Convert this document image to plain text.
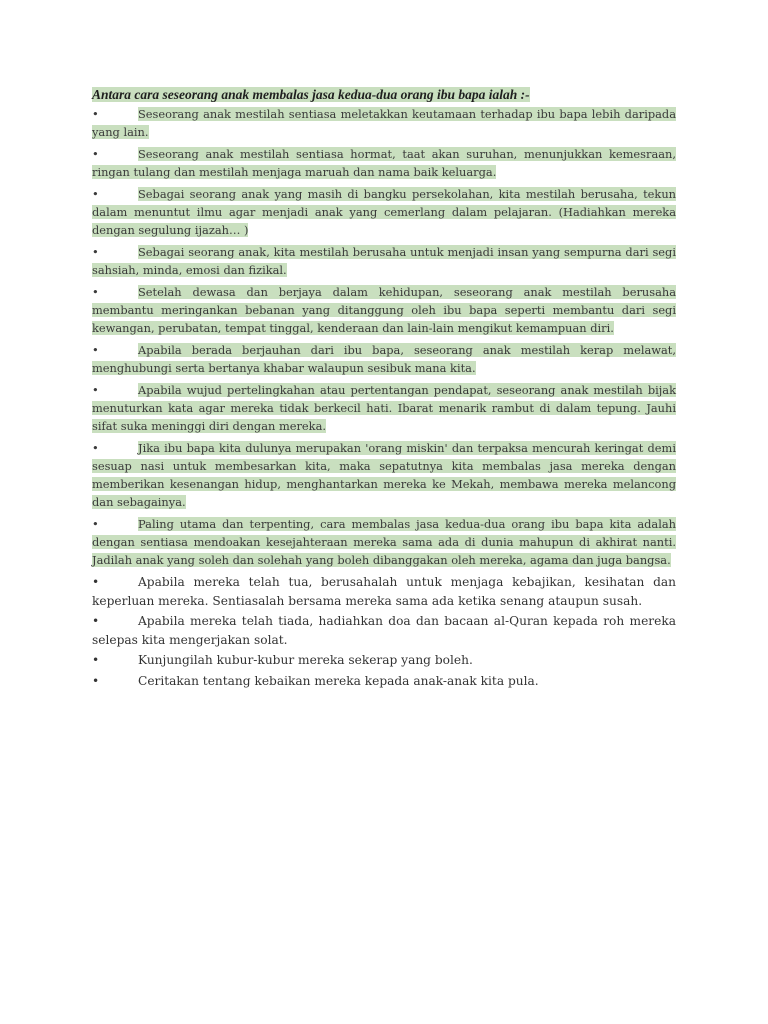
Antara cara seseorang anak membalas jasa kedua-dua orang ibu bapa ialah :-

•	Seseorang anak mestilah sentiasa meletakkan keutamaan terhadap ibu bapa lebih daripada yang lain.
•	Seseorang anak mestilah sentiasa hormat, taat akan suruhan, menunjukkan kemesraan, ringan tulang dan mestilah menjaga maruah dan nama baik keluarga.
•	Sebagai seorang anak yang masih di bangku persekolahan, kita mestilah berusaha, tekun dalam menuntut ilmu agar menjadi anak yang cemerlang dalam pelajaran. (Hadiahkan mereka dengan segulung ijazah… )
•	Sebagai seorang anak, kita mestilah berusaha untuk menjadi insan yang sempurna dari segi sahsiah, minda, emosi dan fizikal.
•	Setelah dewasa dan berjaya dalam kehidupan, seseorang anak mestilah berusaha membantu meringankan bebanan yang ditanggung oleh ibu bapa seperti membantu dari segi kewangan, perubatan, tempat tinggal, kenderaan dan lain-lain mengikut kemampuan diri.
•	Apabila berada berjauhan dari ibu bapa, seseorang anak mestilah kerap melawat, menghubungi serta bertanya khabar walaupun sesibuk mana kita.
•	Apabila wujud pertelingkahan atau pertentangan pendapat, seseorang anak mestilah bijak menuturkan kata agar mereka tidak berkecil hati. Ibarat menarik rambut di dalam tepung. Jauhi sifat suka meninggi diri dengan mereka.
•	Jika ibu bapa kita dulunya merupakan 'orang miskin' dan terpaksa mencurah keringat demi sesuap nasi untuk membesarkan kita, maka sepatutnya kita membalas jasa mereka dengan memberikan kesenangan hidup, menghantarkan mereka ke Mekah, membawa mereka melancong dan sebagainya.
•	Paling utama dan terpenting, cara membalas jasa kedua-dua orang ibu bapa kita adalah dengan sentiasa mendoakan kesejahteraan mereka sama ada di dunia mahupun di akhirat nanti. Jadilah anak yang soleh dan solehah yang boleh dibanggakan oleh mereka, agama dan juga bangsa.
•	Apabila mereka telah tua, berusahalah untuk menjaga kebajikan, kesihatan dan keperluan mereka. Sentiasalah bersama mereka sama ada ketika senang ataupun susah.
•	Apabila mereka telah tiada, hadiahkan doa dan bacaan al-Quran kepada roh mereka selepas kita mengerjakan solat.
•	Kunjungilah kubur-kubur mereka sekerap yang boleh.
•	Ceritakan tentang kebaikan mereka kepada anak-anak kita pula.
